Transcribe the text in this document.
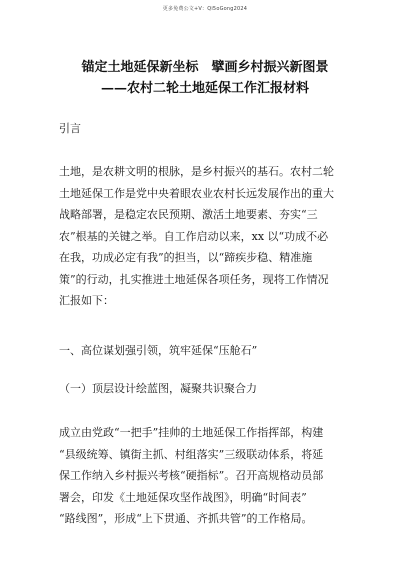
更多免费公文+V：Qi5oGong2024
锚定土地延保新坐标　擘画乡村振兴新图景
——农村二轮土地延保工作汇报材料
引言
土地，是农耕文明的根脉，是乡村振兴的基石。农村二轮
土地延保工作是党中央着眼农业农村长远发展作出的重大
战略部署，是稳定农民预期、激活土地要素、夯实“三
农”根基的关键之举。自工作启动以来，xx 以“功成不必
在我，功成必定有我”的担当，以“蹄疾步稳、精准施
策”的行动，扎实推进土地延保各项任务，现将工作情况
汇报如下：
一、高位谋划强引领，筑牢延保“压舱石”
（一）顶层设计绘蓝图，凝聚共识聚合力
成立由党政“一把手”挂帅的土地延保工作指挥部，构建
“县级统筹、镇街主抓、村组落实”三级联动体系，将延
保工作纳入乡村振兴考核“硬指标”。召开高规格动员部
署会，印发《土地延保攻坚作战图》，明确“时间表”
“路线图”，形成“上下贯通、齐抓共管”的工作格局。
